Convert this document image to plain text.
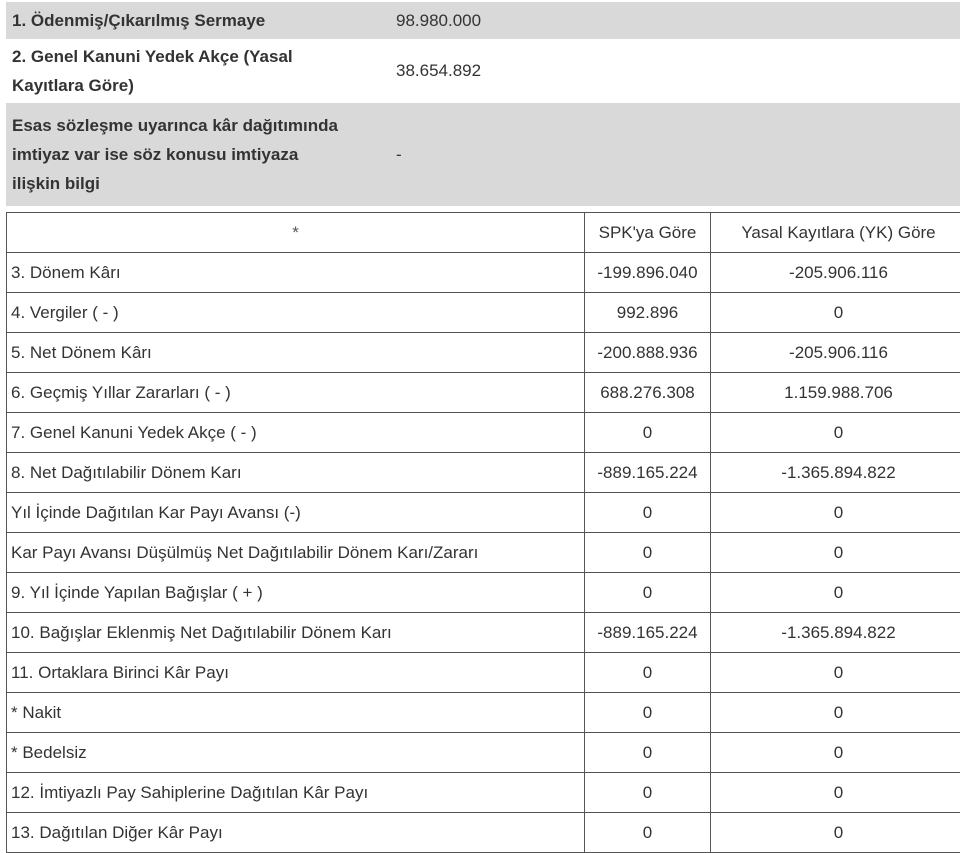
1. Ödenmiş/Çıkarılmış Sermaye	98.980.000

2. Genel Kanuni Yedek Akçe (Yasal Kayıtlara Göre)	38.654.892

Esas sözleşme uyarınca kâr dağıtımında imtiyaz var ise söz konusu imtiyaza ilişkin bilgi	-
*	SPK'ya Göre	Yasal Kayıtlara (YK) Göre
3. Dönem Kârı	-199.896.040	-205.906.116
4. Vergiler ( - )	992.896	0
5. Net Dönem Kârı	-200.888.936	-205.906.116
6. Geçmiş Yıllar Zararları ( - )	688.276.308	1.159.988.706
7. Genel Kanuni Yedek Akçe ( - )	0	0
8. Net Dağıtılabilir Dönem Karı	-889.165.224	-1.365.894.822
Yıl İçinde Dağıtılan Kar Payı Avansı (-)	0	0
Kar Payı Avansı Düşülmüş Net Dağıtılabilir Dönem Karı/Zararı	0	0
9. Yıl İçinde Yapılan Bağışlar ( + )	0	0
10. Bağışlar Eklenmiş Net Dağıtılabilir Dönem Karı	-889.165.224	-1.365.894.822
11. Ortaklara Birinci Kâr Payı	0	0
* Nakit	0	0
* Bedelsiz	0	0
12. İmtiyazlı Pay Sahiplerine Dağıtılan Kâr Payı	0	0
13. Dağıtılan Diğer Kâr Payı	0	0
